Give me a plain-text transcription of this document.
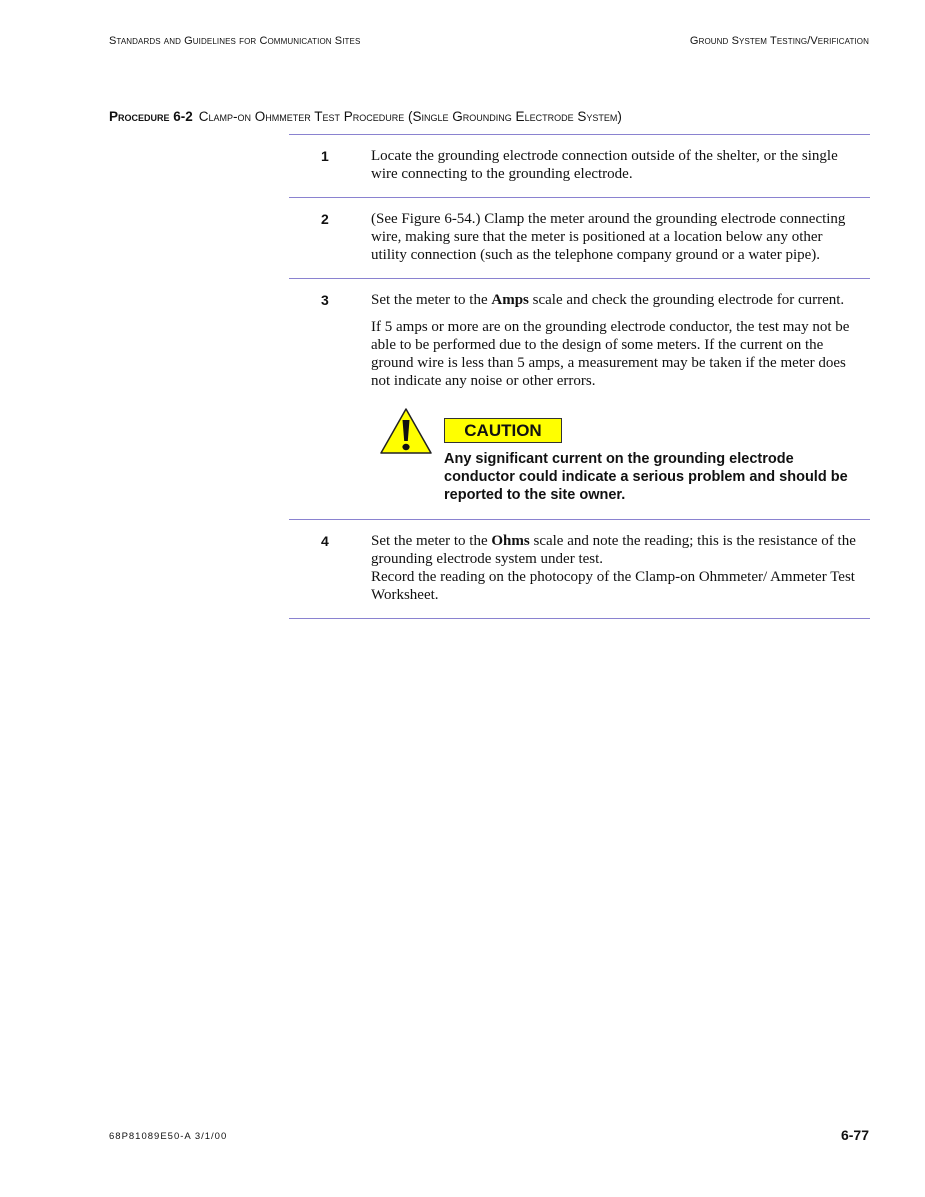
Standards and Guidelines for Communication Sites	Ground System Testing/Verification
Procedure 6-2 Clamp-on Ohmmeter Test Procedure (Single Grounding Electrode System)
1	Locate the grounding electrode connection outside of the shelter, or the single wire connecting to the grounding electrode.

2	(See Figure 6-54.) Clamp the meter around the grounding electrode connecting wire, making sure that the meter is positioned at a location below any other utility connection (such as the telephone company ground or a water pipe).

3	Set the meter to the Amps scale and check the grounding electrode for current.

If 5 amps or more are on the grounding electrode conductor, the test may not be able to be performed due to the design of some meters. If the current on the ground wire is less than 5 amps, a measurement may be taken if the meter does not indicate any noise or other errors.

CAUTION

Any significant current on the grounding electrode conductor could indicate a serious problem and should be reported to the site owner.

4	Set the meter to the Ohms scale and note the reading; this is the resistance of the grounding electrode system under test.
Record the reading on the photocopy of the Clamp-on Ohmmeter/ Ammeter Test Worksheet.

68P81089E50-A 3/1/00	6-77
